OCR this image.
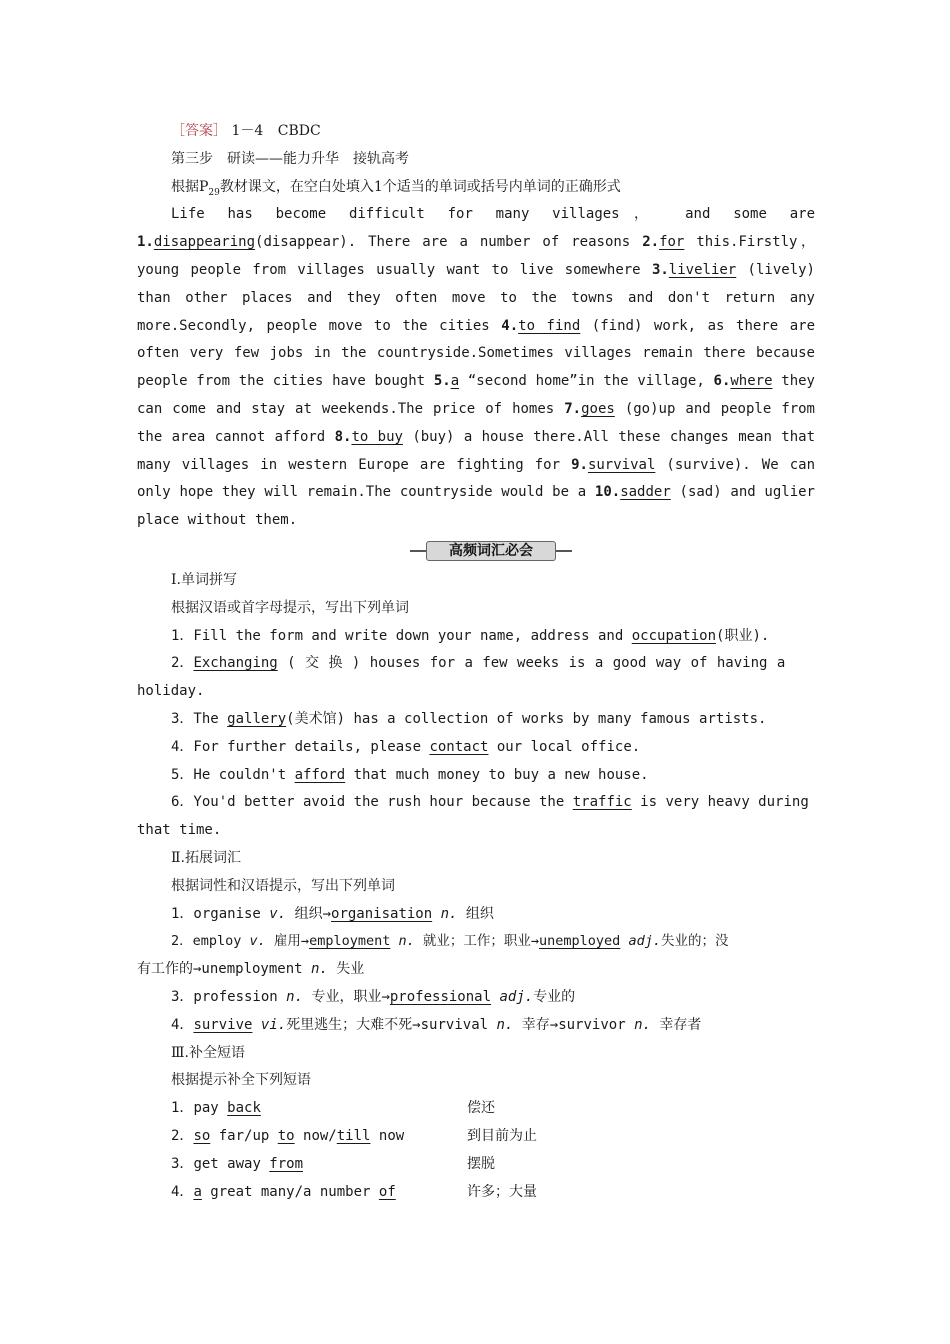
［答案］ 1－4 CBDC
第三步　研读——能力升华　接轨高考
根据$P_{29}$教材课文，在空白处填入1个适当的单词或括号内单词的正确形式

Life has become difficult for many villages， and some are 1.disappearing(disappear). There are a number of reasons 2.for this.Firstly，young people from villages usually want to live somewhere 3.livelier (lively) than other places and they often move to the towns and don't return any more.Secondly, people move to the cities 4.to find (find) work, as there are often very few jobs in the countryside.Sometimes villages remain there because people from the cities have bought 5.a “second home”in the village, 6.where they can come and stay at weekends.The price of homes 7.goes (go)up and people from the area cannot afford 8.to buy (buy) a house there.All these changes mean that many villages in western Europe are fighting for 9.survival (survive). We can only hope they will remain.The countryside would be a 10.sadder (sad) and uglier place without them.

高频词汇必会
Ⅰ.单词拼写
根据汉语或首字母提示，写出下列单词
1．Fill the form and write down your name, address and occupation(职业).
2．Exchanging ( 交 换 ) houses for a few weeks is a good way of having a
holiday.
3．The gallery(美术馆) has a collection of works by many famous artists.
4．For further details, please contact our local office.
5．He couldn't afford that much money to buy a new house.
6．You'd better avoid the rush hour because the traffic is very heavy during
that time.
Ⅱ.拓展词汇
根据词性和汉语提示，写出下列单词
1．organise v. 组织→organisation n. 组织
2．employ v. 雇用→employment n. 就业；工作；职业→unemployed adj.失业的；没
有工作的→unemployment n. 失业
3．profession n. 专业，职业→professional adj.专业的
4．survive vi.死里逃生；大难不死→survival n. 幸存→survivor n. 幸存者
Ⅲ.补全短语
根据提示补全下列短语
1．pay back	偿还
2．so far/up to now/till now	到目前为止
3．get away from	摆脱
4．a great many/a number of	许多；大量
